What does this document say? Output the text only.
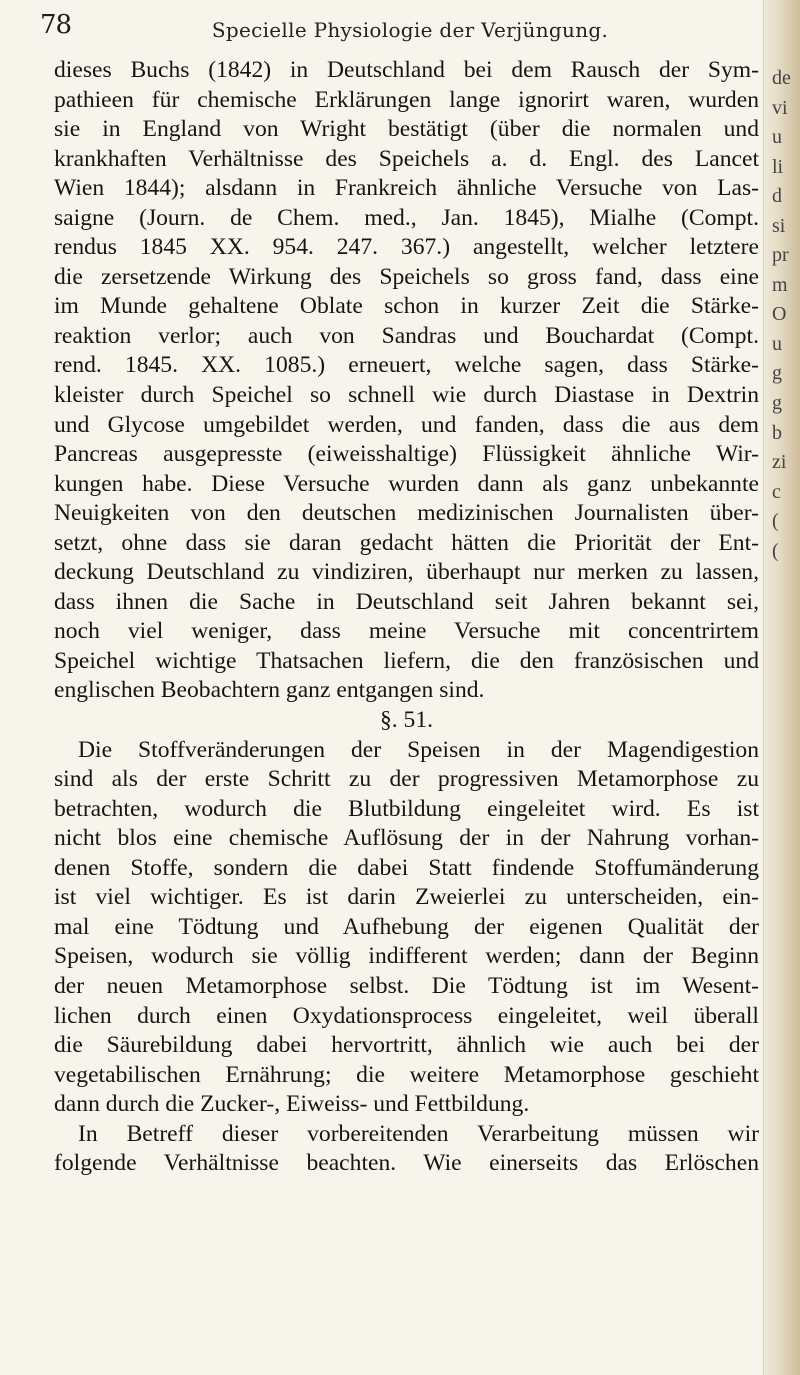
78	Specielle Physiologie der Verjüngung.
de
vi
u
li
d
si
pr
m
O
u
g
g
b
zi
c
(
(
dieses Buchs (1842) in Deutschland bei dem Rausch der Sym-
pathieen für chemische Erklärungen lange ignorirt waren, wurden
sie in England von Wright bestätigt (über die normalen und
krankhaften Verhältnisse des Speichels a. d. Engl. des Lancet
Wien 1844); alsdann in Frankreich ähnliche Versuche von Las-
saigne (Journ. de Chem. med., Jan. 1845), Mialhe (Compt.
rendus 1845 XX. 954. 247. 367.) angestellt, welcher letztere
die zersetzende Wirkung des Speichels so gross fand, dass eine
im Munde gehaltene Oblate schon in kurzer Zeit die Stärke-
reaktion verlor; auch von Sandras und Bouchardat (Compt.
rend. 1845. XX. 1085.) erneuert, welche sagen, dass Stärke-
kleister durch Speichel so schnell wie durch Diastase in Dextrin
und Glycose umgebildet werden, und fanden, dass die aus dem
Pancreas ausgepresste (eiweisshaltige) Flüssigkeit ähnliche Wir-
kungen habe. Diese Versuche wurden dann als ganz unbekannte
Neuigkeiten von den deutschen medizinischen Journalisten über-
setzt, ohne dass sie daran gedacht hätten die Priorität der Ent-
deckung Deutschland zu vindiziren, überhaupt nur merken zu lassen,
dass ihnen die Sache in Deutschland seit Jahren bekannt sei,
noch viel weniger, dass meine Versuche mit concentrirtem
Speichel wichtige Thatsachen liefern, die den französischen und
englischen Beobachtern ganz entgangen sind.
§. 51.
Die Stoffveränderungen der Speisen in der Magendigestion
sind als der erste Schritt zu der progressiven Metamorphose zu
betrachten, wodurch die Blutbildung eingeleitet wird. Es ist
nicht blos eine chemische Auflösung der in der Nahrung vorhan-
denen Stoffe, sondern die dabei Statt findende Stoffumänderung
ist viel wichtiger. Es ist darin Zweierlei zu unterscheiden, ein-
mal eine Tödtung und Aufhebung der eigenen Qualität der
Speisen, wodurch sie völlig indifferent werden; dann der Beginn
der neuen Metamorphose selbst. Die Tödtung ist im Wesent-
lichen durch einen Oxydationsprocess eingeleitet, weil überall
die Säurebildung dabei hervortritt, ähnlich wie auch bei der
vegetabilischen Ernährung; die weitere Metamorphose geschieht
dann durch die Zucker-, Eiweiss- und Fettbildung.
In Betreff dieser vorbereitenden Verarbeitung müssen wir
folgende Verhältnisse beachten. Wie einerseits das Erlöschen
